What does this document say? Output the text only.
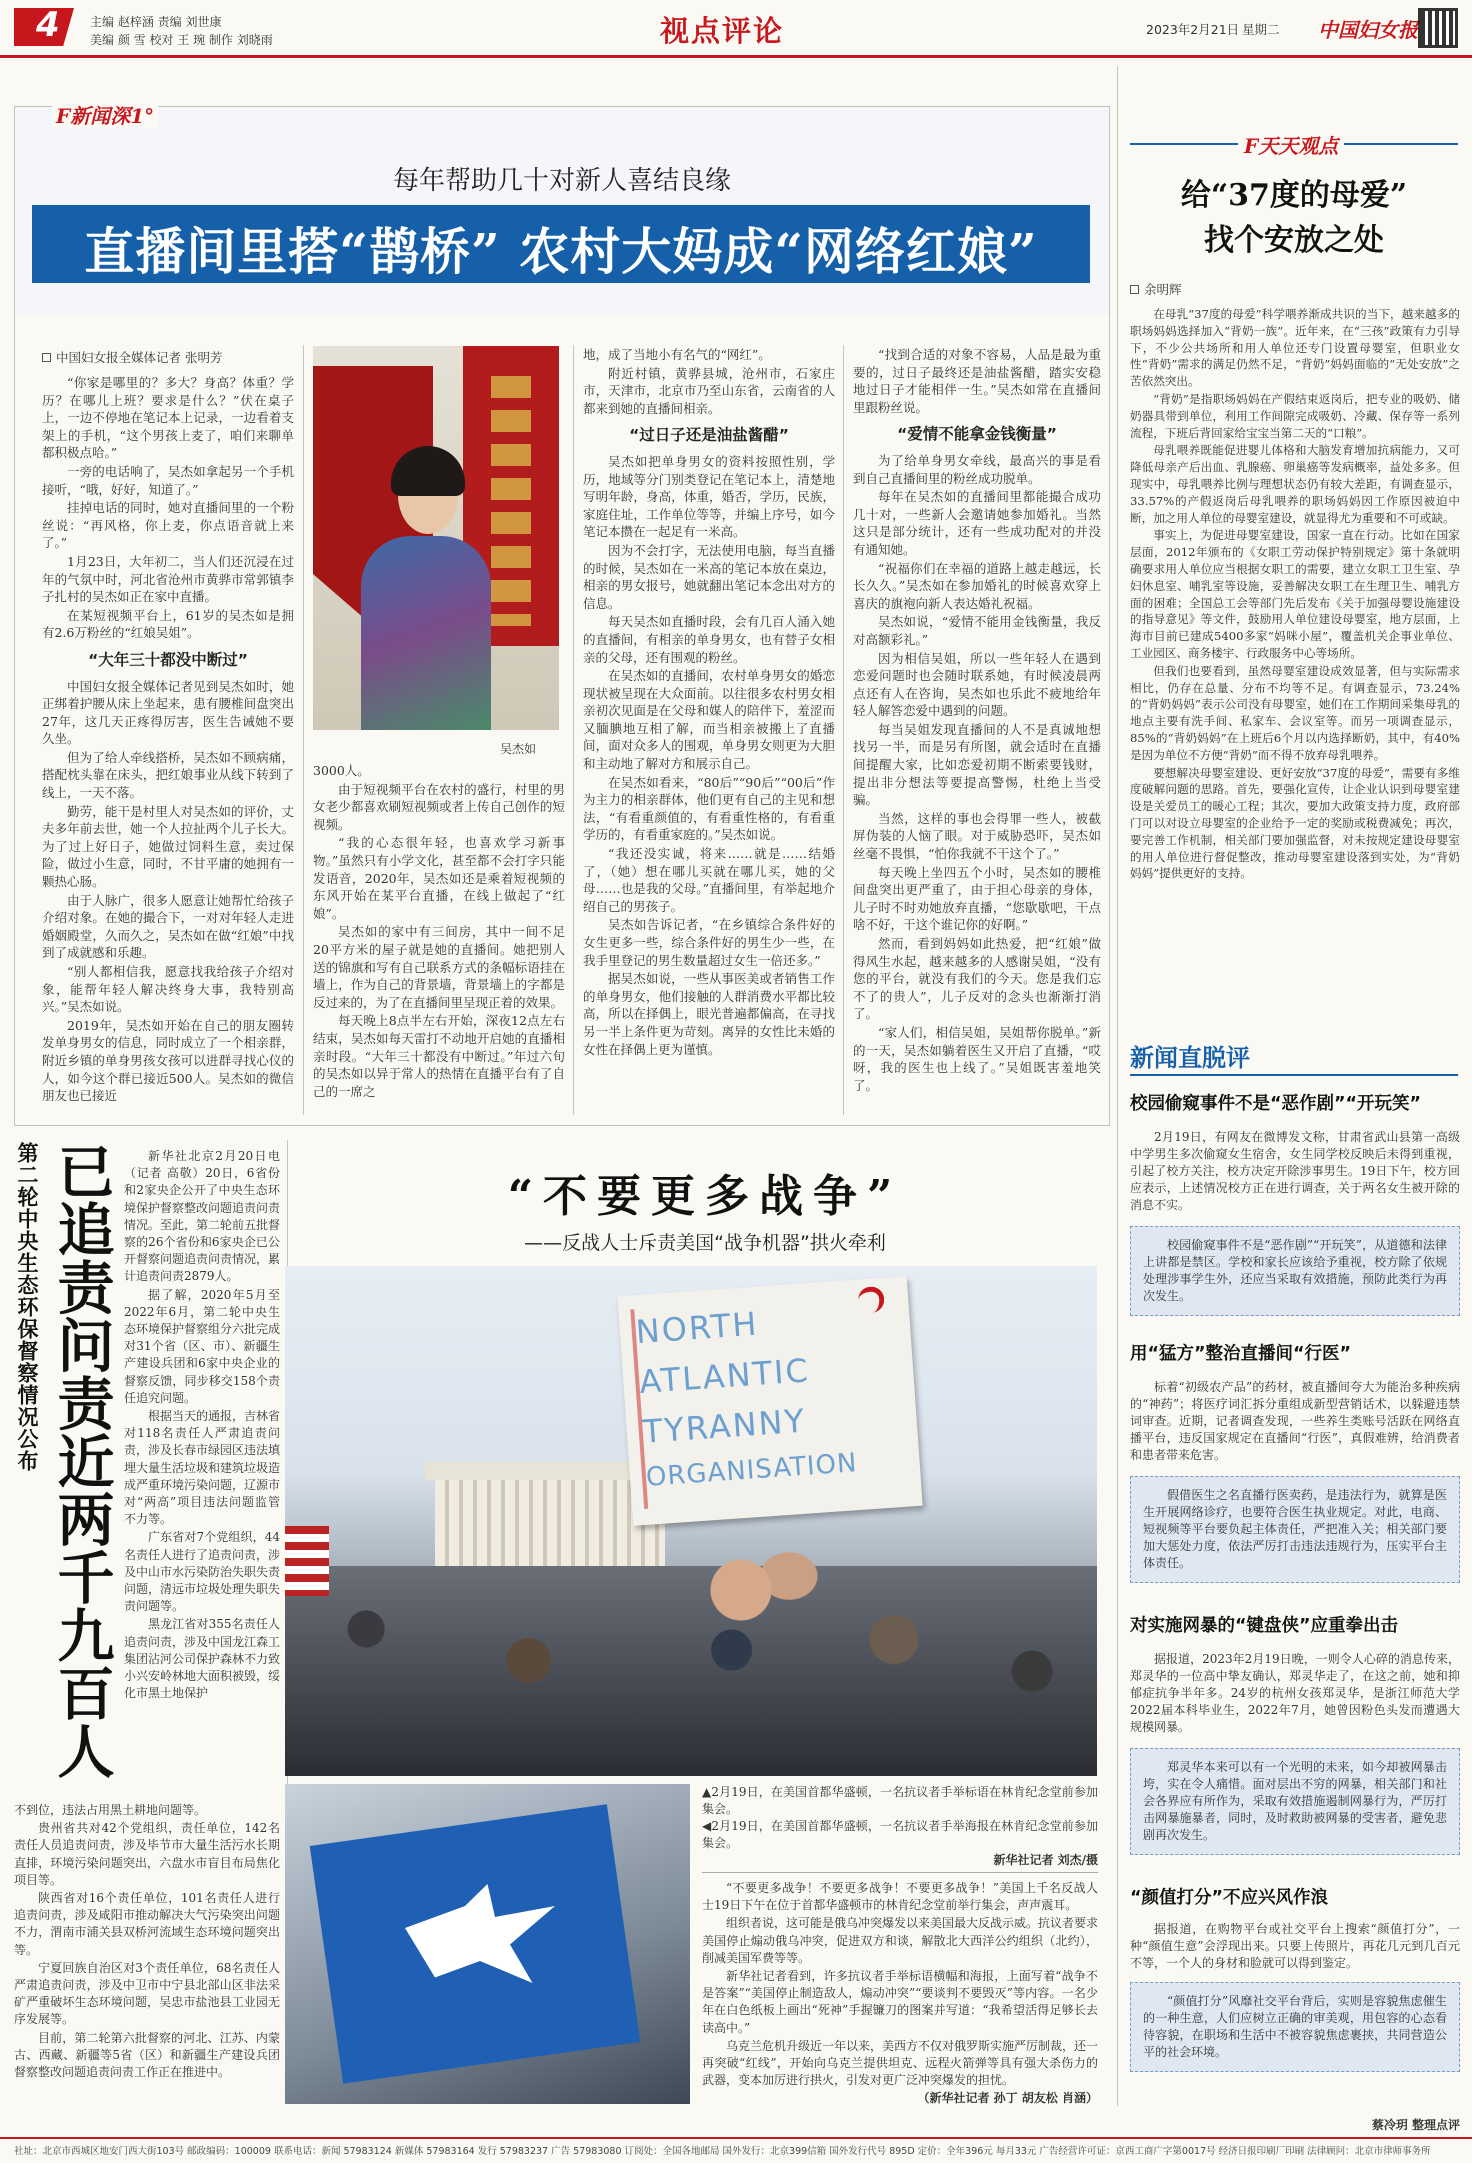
4	主编 赵梓涵 责编 刘世康
美编 颜 雪 校对 王 琬 制作 刘晓雨	视点评论	2023年2月21日 星期二 中国妇女报
F新闻深1°
每年帮助几十对新人喜结良缘
直播间里搭“鹊桥” 农村大妈成“网络红娘”
中国妇女报全媒体记者 张明芳

“你家是哪里的？多大？身高？体重？学历？在哪儿上班？要求是什么？”伏在桌子上，一边不停地在笔记本上记录，一边看着支架上的手机，“这个男孩上麦了，咱们来聊单都积极点哈。”

一旁的电话响了，吴杰如拿起另一个手机接听，“哦，好好，知道了。”

挂掉电话的同时，她对直播间里的一个粉丝说：“再风格，你上麦，你点语音就上来了。”

1月23日，大年初二，当人们还沉浸在过年的气氛中时，河北省沧州市黄骅市常郭镇李子扎村的吴杰如正在家中直播。

在某短视频平台上，61岁的吴杰如是拥有2.6万粉丝的“红娘吴姐”。

“大年三十都没中断过”

中国妇女报全媒体记者见到吴杰如时，她正绑着护腰从床上坐起来，患有腰椎间盘突出27年，这几天正疼得厉害，医生告诫她不要久坐。

但为了给人牵线搭桥，吴杰如不顾病痛，搭配枕头靠在床头，把红娘事业从线下转到了线上，一天不落。

勤劳，能干是村里人对吴杰如的评价，丈夫多年前去世，她一个人拉扯两个儿子长大。为了过上好日子，她做过饲料生意，卖过保险，做过小生意，同时，不甘平庸的她拥有一颗热心肠。

由于人脉广，很多人愿意让她帮忙给孩子介绍对象。在她的撮合下，一对对年轻人走进婚姻殿堂，久而久之，吴杰如在做“红娘”中找到了成就感和乐趣。

“别人都相信我，愿意找我给孩子介绍对象，能帮年轻人解决终身大事，我特别高兴。”吴杰如说。

2019年，吴杰如开始在自己的朋友圈转发单身男女的信息，同时成立了一个相亲群，附近乡镇的单身男孩女孩可以进群寻找心仪的人，如今这个群已接近500人。吴杰如的微信朋友也已接近

吴杰如

3000人。

由于短视频平台在农村的盛行，村里的男女老少都喜欢刷短视频或者上传自己创作的短视频。

“我的心态很年轻，也喜欢学习新事物。”虽然只有小学文化，甚至都不会打字只能发语音，2020年，吴杰如还是乘着短视频的东风开始在某平台直播，在线上做起了“红娘”。

吴杰如的家中有三间房，其中一间不足20平方米的屋子就是她的直播间。她把别人送的锦旗和写有自己联系方式的条幅标语挂在墙上，作为自己的背景墙，背景墙上的字都是反过来的，为了在直播间里呈现正着的效果。

每天晚上8点半左右开始，深夜12点左右结束，吴杰如每天雷打不动地开启她的直播相亲时段。“大年三十都没有中断过。”年过六旬的吴杰如以异于常人的热情在直播平台有了自己的一席之

地，成了当地小有名气的“网红”。

附近村镇，黄骅县城，沧州市，石家庄市，天津市，北京市乃至山东省，云南省的人都来到她的直播间相亲。

“过日子还是油盐酱醋”

吴杰如把单身男女的资料按照性别，学历，地域等分门别类登记在笔记本上，清楚地写明年龄，身高，体重，婚否，学历，民族，家庭住址，工作单位等等，并编上序号，如今笔记本攒在一起足有一米高。

因为不会打字，无法使用电脑，每当直播的时候，吴杰如在一米高的笔记本放在桌边，相亲的男女报号，她就翻出笔记本念出对方的信息。

每天吴杰如直播时段，会有几百人涌入她的直播间，有相亲的单身男女，也有替子女相亲的父母，还有围观的粉丝。

在吴杰如的直播间，农村单身男女的婚恋现状被呈现在大众面前。以往很多农村男女相亲初次见面是在父母和媒人的陪伴下，羞涩而又腼腆地互相了解，而当相亲被搬上了直播间，面对众多人的围观，单身男女则更为大胆和主动地了解对方和展示自己。

在吴杰如看来，“80后”“90后”“00后”作为主力的相亲群体，他们更有自己的主见和想法，“有看重颜值的，有看重性格的，有看重学历的，有看重家庭的。”吴杰如说。

“我还没实诚，将来……就是……结婚了，（她）想在哪儿买就在哪儿买，她的父母……也是我的父母。”直播间里，有举起地介绍自己的男孩子。

吴杰如告诉记者，“在乡镇综合条件好的女生更多一些，综合条件好的男生少一些，在我手里登记的男生数量超过女生一倍还多。”

据吴杰如说，一些从事医美或者销售工作的单身男女，他们接触的人群消费水平都比较高，所以在择偶上，眼光普遍都偏高，在寻找另一半上条件更为苛刻。离异的女性比未婚的女性在择偶上更为谨慎。

“找到合适的对象不容易，人品是最为重要的，过日子最终还是油盐酱醋，踏实安稳地过日子才能相伴一生。”吴杰如常在直播间里跟粉丝说。

“爱情不能拿金钱衡量”

为了给单身男女牵线，最高兴的事是看到自己直播间里的粉丝成功脱单。

每年在吴杰如的直播间里都能撮合成功几十对，一些新人会邀请她参加婚礼。当然这只是部分统计，还有一些成功配对的并没有通知她。

“祝福你们在幸福的道路上越走越远，长长久久。”吴杰如在参加婚礼的时候喜欢穿上喜庆的旗袍向新人表达婚礼祝福。

吴杰如说，“爱情不能用金钱衡量，我反对高额彩礼。”

因为相信吴姐，所以一些年轻人在遇到恋爱问题时也会随时联系她，有时候凌晨两点还有人在咨询，吴杰如也乐此不疲地给年轻人解答恋爱中遇到的问题。

每当吴姐发现直播间的人不是真诚地想找另一半，而是另有所图，就会适时在直播间提醒大家，比如恋爱初期不断索要钱财，提出非分想法等要提高警惕，杜绝上当受骗。

当然，这样的事也会得罪一些人，被截屏伪装的人恼了眼。对于威胁恐吓，吴杰如丝毫不畏惧，“怕你我就不干这个了。”

每天晚上坐四五个小时，吴杰如的腰椎间盘突出更严重了，由于担心母亲的身体，儿子时不时劝她放弃直播，“您歇歇吧，干点啥不好，干这个谁记你的好啊。”

然而，看到妈妈如此热爱，把“红娘”做得风生水起，越来越多的人感谢吴姐，“没有您的平台，就没有我们的今天。您是我们忘不了的贵人”，儿子反对的念头也渐渐打消了。

“家人们，相信吴姐，吴姐帮你脱单。”新的一天，吴杰如躺着医生又开启了直播，“哎呀，我的医生也上线了。”吴姐既害羞地笑了。

第二轮中央生态环保督察情况公布 已追责问责近两千九百人	新华社北京2月20日电（记者 高敬）20日，6省份和2家央企公开了中央生态环境保护督察整改问题追责问责情况。至此，第二轮前五批督察的26个省份和6家央企已公开督察问题追责问责情况，累计追责问责2879人。

据了解，2020年5月至2022年6月，第二轮中央生态环境保护督察组分六批完成对31个省（区、市）、新疆生产建设兵团和6家中央企业的督察反馈，同步移交158个责任追究问题。

根据当天的通报，吉林省对118名责任人严肃追责问责，涉及长春市绿园区违法填埋大量生活垃圾和建筑垃圾造成严重环境污染问题，辽源市对“两高”项目违法问题监管不力等。

广东省对7个党组织，44名责任人进行了追责问责，涉及中山市水污染防治失职失责问题，清远市垃圾处理失职失责问题等。

黑龙江省对355名责任人追责问责，涉及中国龙江森工集团沾河公司保护森林不力致小兴安岭林地大面积被毁，绥化市黑土地保护

不到位，违法占用黑土耕地问题等。

贵州省共对42个党组织，责任单位，142名责任人员追责问责，涉及毕节市大量生活污水长期直排，环境污染问题突出，六盘水市盲目布局焦化项目等。

陕西省对16个责任单位，101名责任人进行追责问责，涉及咸阳市推动解决大气污染突出问题不力，渭南市浦关县双桥河流域生态环境问题突出等。

宁夏回族自治区对3个责任单位，68名责任人严肃追责问责，涉及中卫市中宁县北部山区非法采矿严重破坏生态环境问题，吴忠市盐池县工业园无序发展等。

目前，第二轮第六批督察的河北、江苏、内蒙古、西藏、新疆等5省（区）和新疆生产建设兵团督察整改问题追责问责工作正在推进中。

“不要更多战争”
——反战人士斥责美国“战争机器”拱火牵利
NORTH
ATLANTIC
TYRANNY
ORGANISATION
▲2月19日，在美国首都华盛顿，一名抗议者手举标语在林肯纪念堂前参加集会。
◀2月19日，在美国首都华盛顿，一名抗议者手举海报在林肯纪念堂前参加集会。
新华社记者 刘杰/摄

“不要更多战争！不要更多战争！不要更多战争！”美国上千名反战人士19日下午在位于首都华盛顿市的林肯纪念堂前举行集会，声声震耳。

组织者说，这可能是俄乌冲突爆发以来美国最大反战示威。抗议者要求美国停止煽动俄乌冲突，促进双方和谈，解散北大西洋公约组织（北约），削减美国军费等等。

新华社记者看到，许多抗议者手举标语横幅和海报，上面写着“战争不是答案”“美国停止制造敌人，煽动冲突”“要谈判不要毁灭”等内容。一名少年在白色纸板上画出“死神”手握镰刀的图案并写道：“我希望活得足够长去读高中。”

乌克兰危机升级近一年以来，美西方不仅对俄罗斯实施严厉制裁，还一再突破“红线”，开始向乌克兰提供坦克、远程火箭弹等具有强大杀伤力的武器，变本加厉进行拱火，引发对更广泛冲突爆发的担忧。

（新华社记者 孙丁 胡友松 肖涵）
F天天观点
给“37度的母爱”
找个安放之处
余明辉

在母乳“37度的母爱”科学喂养渐成共识的当下，越来越多的职场妈妈选择加入“背奶一族”。近年来，在“三孩”政策有力引导下，不少公共场所和用人单位还专门设置母婴室，但职业女性“背奶”需求的满足仍然不足，“背奶”妈妈面临的“无处安放”之苦依然突出。

“背奶”是指职场妈妈在产假结束返岗后，把专业的吸奶、储奶器具带到单位，利用工作间隙完成吸奶、冷藏、保存等一系列流程，下班后背回家给宝宝当第二天的“口粮”。

母乳喂养既能促进婴儿体格和大脑发育增加抗病能力，又可降低母亲产后出血、乳腺癌、卵巢癌等发病概率，益处多多。但现实中，母乳喂养比例与理想状态仍有较大差距，有调查显示，33.57%的产假返岗后母乳喂养的职场妈妈因工作原因被迫中断，加之用人单位的母婴室建设，就显得尤为重要和不可或缺。

事实上，为促进母婴室建设，国家一直在行动。比如在国家层面，2012年颁布的《女职工劳动保护特别规定》第十条就明确要求用人单位应当根据女职工的需要，建立女职工卫生室、孕妇休息室、哺乳室等设施，妥善解决女职工在生理卫生、哺乳方面的困难；全国总工会等部门先后发布《关于加强母婴设施建设的指导意见》等文件，鼓励用人单位建设母婴室，地方层面，上海市目前已建成5400多家“妈咪小屋”，覆盖机关企事业单位、工业园区、商务楼宇、行政服务中心等场所。

但我们也要看到，虽然母婴室建设成效显著，但与实际需求相比，仍存在总量、分布不均等不足。有调查显示，73.24%的“背奶妈妈”表示公司没有母婴室，她们在工作期间采集母乳的地点主要有洗手间、私家车、会议室等。而另一项调查显示，85%的“背奶妈妈”在上班后6个月以内选择断奶，其中，有40%是因为单位不方便“背奶”而不得不放弃母乳喂养。

要想解决母婴室建设、更好安放“37度的母爱”，需要有多维度破解问题的思路。首先，要强化宣传，让企业认识到母婴室建设是关爱员工的暖心工程；其次，要加大政策支持力度，政府部门可以对设立母婴室的企业给予一定的奖励或税费减免；再次，要完善工作机制，相关部门要加强监督，对未按规定建设母婴室的用人单位进行督促整改，推动母婴室建设落到实处，为“背奶妈妈”提供更好的支持。

新闻直脱评
校园偷窥事件不是“恶作剧”“开玩笑”

2月19日，有网友在微博发文称，甘肃省武山县第一高级中学男生多次偷窥女生宿舍，女生同学校反映后未得到重视，引起了校方关注，校方决定开除涉事男生。19日下午，校方回应表示，上述情况校方正在进行调查，关于两名女生被开除的消息不实。

校园偷窥事件不是“恶作剧”“开玩笑”，从道德和法律上讲都是禁区。学校和家长应该给予重视，校方除了依规处理涉事学生外，还应当采取有效措施，预防此类行为再次发生。

用“猛方”整治直播间“行医”

标着“初级农产品”的药材，被直播间夸大为能治多种疾病的“神药”；将医疗词汇拆分重组成新型营销话术，以躲避违禁词审查。近期，记者调查发现，一些养生类账号活跃在网络直播平台，违反国家规定在直播间“行医”，真假难辨，给消费者和患者带来危害。

假借医生之名直播行医卖药，是违法行为，就算是医生开展网络诊疗，也要符合医生执业规定。对此，电商、短视频等平台要负起主体责任，严把准入关；相关部门要加大惩处力度，依法严厉打击违法违规行为，压实平台主体责任。

对实施网暴的“键盘侠”应重拳出击

据报道，2023年2月19日晚，一则令人心碎的消息传来，郑灵华的一位高中挚友确认，郑灵华走了，在这之前，她和抑郁症抗争半年多。24岁的杭州女孩郑灵华，是浙江师范大学2022届本科毕业生，2022年7月，她曾因粉色头发而遭遇大规模网暴。

郑灵华本来可以有一个光明的未来，如今却被网暴击垮，实在令人痛惜。面对层出不穷的网暴，相关部门和社会各界应有所作为，采取有效措施遏制网暴行为，严厉打击网暴施暴者，同时，及时救助被网暴的受害者，避免悲剧再次发生。

“颜值打分”不应兴风作浪

据报道，在购物平台或社交平台上搜索“颜值打分”，一种“颜值生意”会浮现出来。只要上传照片，再花几元到几百元不等，一个人的身材和脸就可以得到鉴定。

“颜值打分”风靡社交平台背后，实则是容貌焦虑催生的一种生意，人们应树立正确的审美观，用包容的心态看待容貌，在职场和生活中不被容貌焦虑裹挟，共同营造公平的社会环境。

蔡冷玥 整理点评
社址：北京市西城区地安门西大街103号 邮政编码：100009 联系电话：新闻 57983124 新媒体 57983164 发行 57983237 广告 57983080 订阅处：全国各地邮局 国外发行：北京399信箱 国外发行代号 895D 定价：全年396元 每月33元 广告经营许可证：京西工商广字第0017号 经济日报印刷厂印刷 法律顾问：北京市律师事务所
